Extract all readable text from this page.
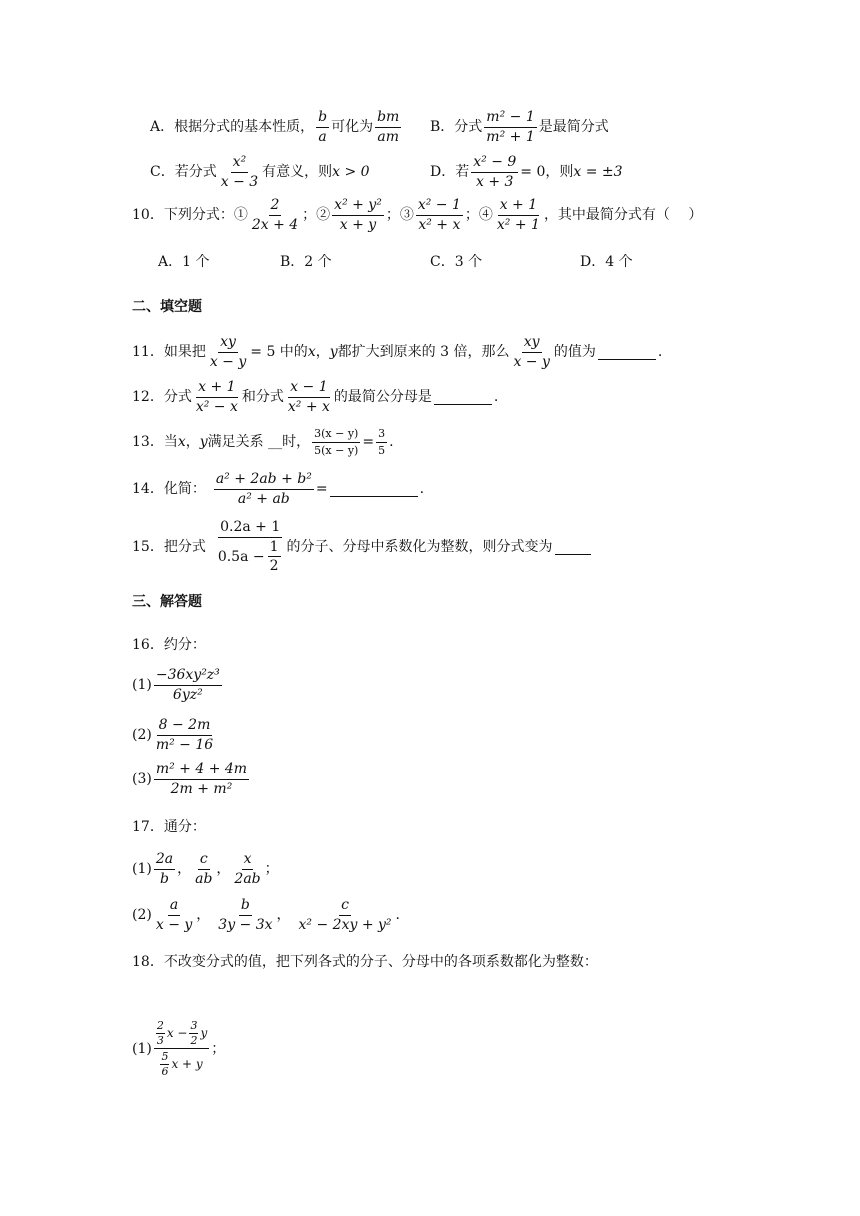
A．根据分式的基本性质，
b
a
可化为
bm
am
B．分式
m² − 1
m² + 1
是最简分式
C．若分式
x²
x − 3
有意义，则 x > 0	D．若 $\frac{\text{x² − 9}}{x + 3} = 0$，则 x = ±3
10．下列分式：①
2
2x + 4
；②
x² + y²
x + y
；③
x² − 1
x² + x
；④
x + 1
x² + 1
，其中最简分式有（　 ）
A．1 个	B．2 个	C．3 个	D．4 个
二、填空题
11．如果把 $\frac{xy}{x - y} = 5$ 中的 x ， y 都扩大到原来的 3 倍，那么
xy
x − y
的值为	.
12．分式
x + 1
x² − x
和分式
x − 1
x² + x
的最简公分母是	.
13．当 x ， y 满足关系 __时， $\frac{3(x - y)}{5(x - y)} = \frac{3}{5}$ .
14．化简： $\frac{\text{a² + 2ab + b²}}{\text{a² + ab}}$ =	.
15．把分式
0.2a + 1
$0.5a - \frac{1}{2}$ 的分子、分母中系数化为整数，则分式变为
三、解答题
16．约分：
(1)
−36xy²z³
6yz²
(2)
8 − 2m
m² − 16
(3)
m² + 4 + 4m
2m + m²
17．通分：
(1)
2a
b
，
c
ab
，
x
2ab
；
(2)
a
x − y
，
b
3y − 3x
，
c
x² − 2xy + y²
.
18．不改变分式的值，把下列各式的分子、分母中的各项系数都化为整数：
(1)
2
3
$x - \frac{3}{2}$ y
5
6
x + y
；
